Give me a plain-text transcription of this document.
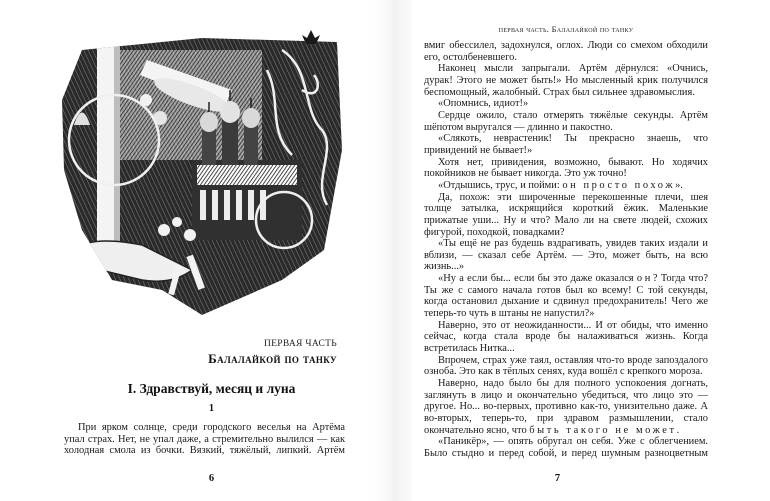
ПЕРВАЯ ЧАСТЬ
Балалайкой по танку
I. Здравствуй, месяц и луна
1
При ярком солнце, среди городского веселья на Артёма
упал страх. Нет, не упал даже, а стремительно вылился — как
холодная смола из бочки. Вязкий, тяжёлый, липкий. Артём
6
первая часть. Балалайкой по танку

вмиг обессилел, задохнулся, оглох. Люди со смехом обходили его, остолбеневшего.

Наконец мысли запрыгали. Артём дёрнулся: «Очнись, дурак! Этого не может быть!» Но мысленный крик получился беспомощный, жалобный. Страх был сильнее здравомыслия.

«Опомнись, идиот!»

Сердце ожило, стало отмерять тяжёлые секунды. Артём шёпотом выругался — длинно и пакостно.

«Слякоть, неврастеник! Ты прекрасно знаешь, что привидений не бывает!»

Хотя нет, привидения, возможно, бывают. Но ходячих покойников не бывает никогда. Это уж точно!

«Отдышись, трус, и пойми: он просто похож».

Да, похож: эти широченные перекошенные плечи, шея толще затылка, искрящийся короткий ёжик. Маленькие прижатые уши... Ну и что? Мало ли на свете людей, схожих фигурой, походкой, повадками?

«Ты ещё не раз будешь вздрагивать, увидев таких издали и вблизи, — сказал себе Артём. — Это, может быть, на всю жизнь...»

«Ну а если бы... если бы это даже оказался он? Тогда что? Ты же с самого начала готов был ко всему! С той секунды, когда остановил дыхание и сдвинул предохранитель! Чего же теперь-то чуть в штаны не напустил?»

Наверно, это от неожиданности... И от обиды, что именно сейчас, когда стала вроде бы налаживаться жизнь. Когда встретилась Нитка...

Впрочем, страх уже таял, оставляя что-то вроде запоздалого озноба. Это как в тёплых сенях, куда вошёл с крепкого мороза.

Наверно, надо было бы для полного успокоения догнать, заглянуть в лицо и окончательно убедиться, что лицо это — другое. Но... во-первых, противно как-то, унизительно даже. А во-вторых, теперь-то, при здравом размышлении, стало окончательно ясно, что быть такого не может.

«Паникёр», — опять обругал он себя. Уже с облегчением. Было стыдно и перед собой, и перед шумным разноцветным

7
